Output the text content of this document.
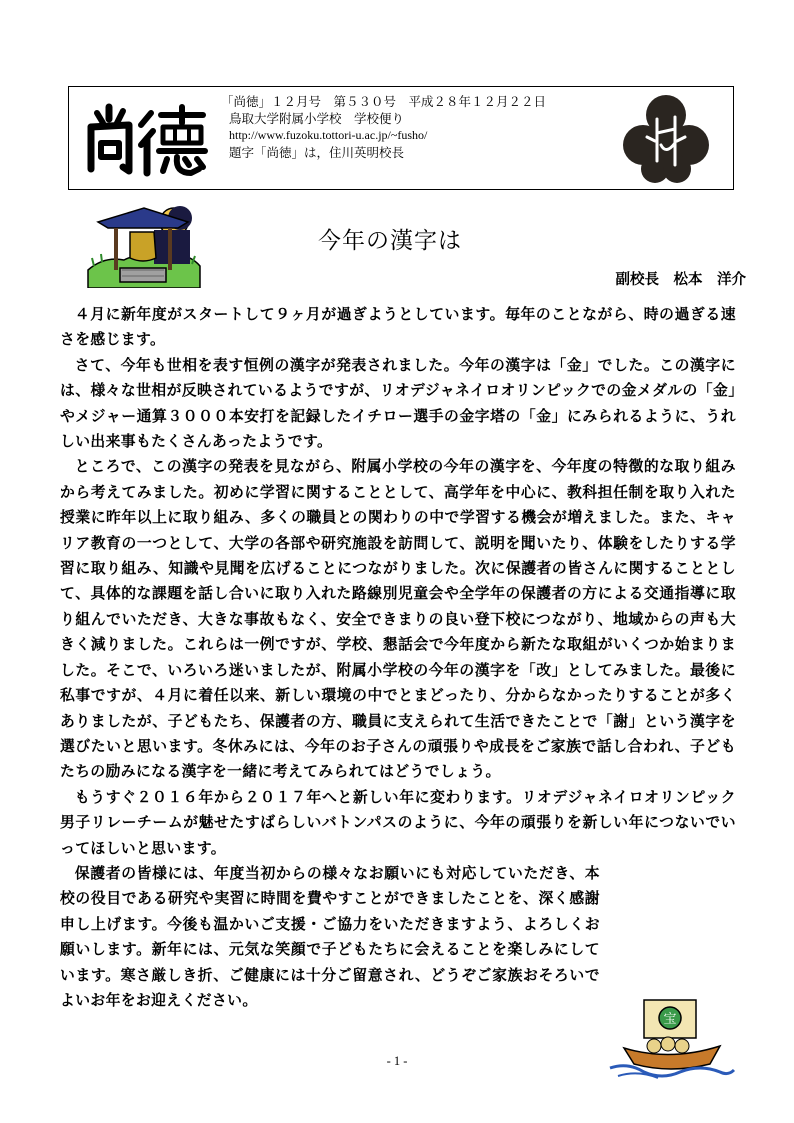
「尚徳」１２月号　第５３０号　平成２８年１２月２２日
鳥取大学附属小学校　学校便り
http://www.fuzoku.tottori-u.ac.jp/~fusho/
題字「尚徳」は，住川英明校長
今年の漢字は
副校長　松本　洋介

４月に新年度がスタートして９ヶ月が過ぎようとしています。毎年のことながら、時の過ぎる速さを感じます。

さて、今年も世相を表す恒例の漢字が発表されました。今年の漢字は「金」でした。この漢字には、様々な世相が反映されているようですが、リオデジャネイロオリンピックでの金メダルの「金」やメジャー通算３０００本安打を記録したイチロー選手の金字塔の「金」にみられるように、うれしい出来事もたくさんあったようです。

ところで、この漢字の発表を見ながら、附属小学校の今年の漢字を、今年度の特徴的な取り組みから考えてみました。初めに学習に関することとして、高学年を中心に、教科担任制を取り入れた授業に昨年以上に取り組み、多くの職員との関わりの中で学習する機会が増えました。また、キャリア教育の一つとして、大学の各部や研究施設を訪問して、説明を聞いたり、体験をしたりする学習に取り組み、知識や見聞を広げることにつながりました。次に保護者の皆さんに関することとして、具体的な課題を話し合いに取り入れた路線別児童会や全学年の保護者の方による交通指導に取り組んでいただき、大きな事故もなく、安全できまりの良い登下校につながり、地域からの声も大きく減りました。これらは一例ですが、学校、懇話会で今年度から新たな取組がいくつか始まりました。そこで、いろいろ迷いましたが、附属小学校の今年の漢字を「改」としてみました。最後に私事ですが、４月に着任以来、新しい環境の中でとまどったり、分からなかったりすることが多くありましたが、子どもたち、保護者の方、職員に支えられて生活できたことで「謝」という漢字を選びたいと思います。冬休みには、今年のお子さんの頑張りや成長をご家族で話し合われ、子どもたちの励みになる漢字を一緒に考えてみられてはどうでしょう。

もうすぐ２０１６年から２０１７年へと新しい年に変わります。リオデジャネイロオリンピック男子リレーチームが魅せたすばらしいバトンパスのように、今年の頑張りを新しい年につないでいってほしいと思います。

保護者の皆様には、年度当初からの様々なお願いにも対応していただき、本校の役目である研究や実習に時間を費やすことができましたことを、深く感謝申し上げます。今後も温かいご支援・ご協力をいただきますよう、よろしくお願いします。新年には、元気な笑顔で子どもたちに会えることを楽しみにしています。寒さ厳しき折、ご健康には十分ご留意され、どうぞご家族おそろいでよいお年をお迎えください。

宝
- 1 -
